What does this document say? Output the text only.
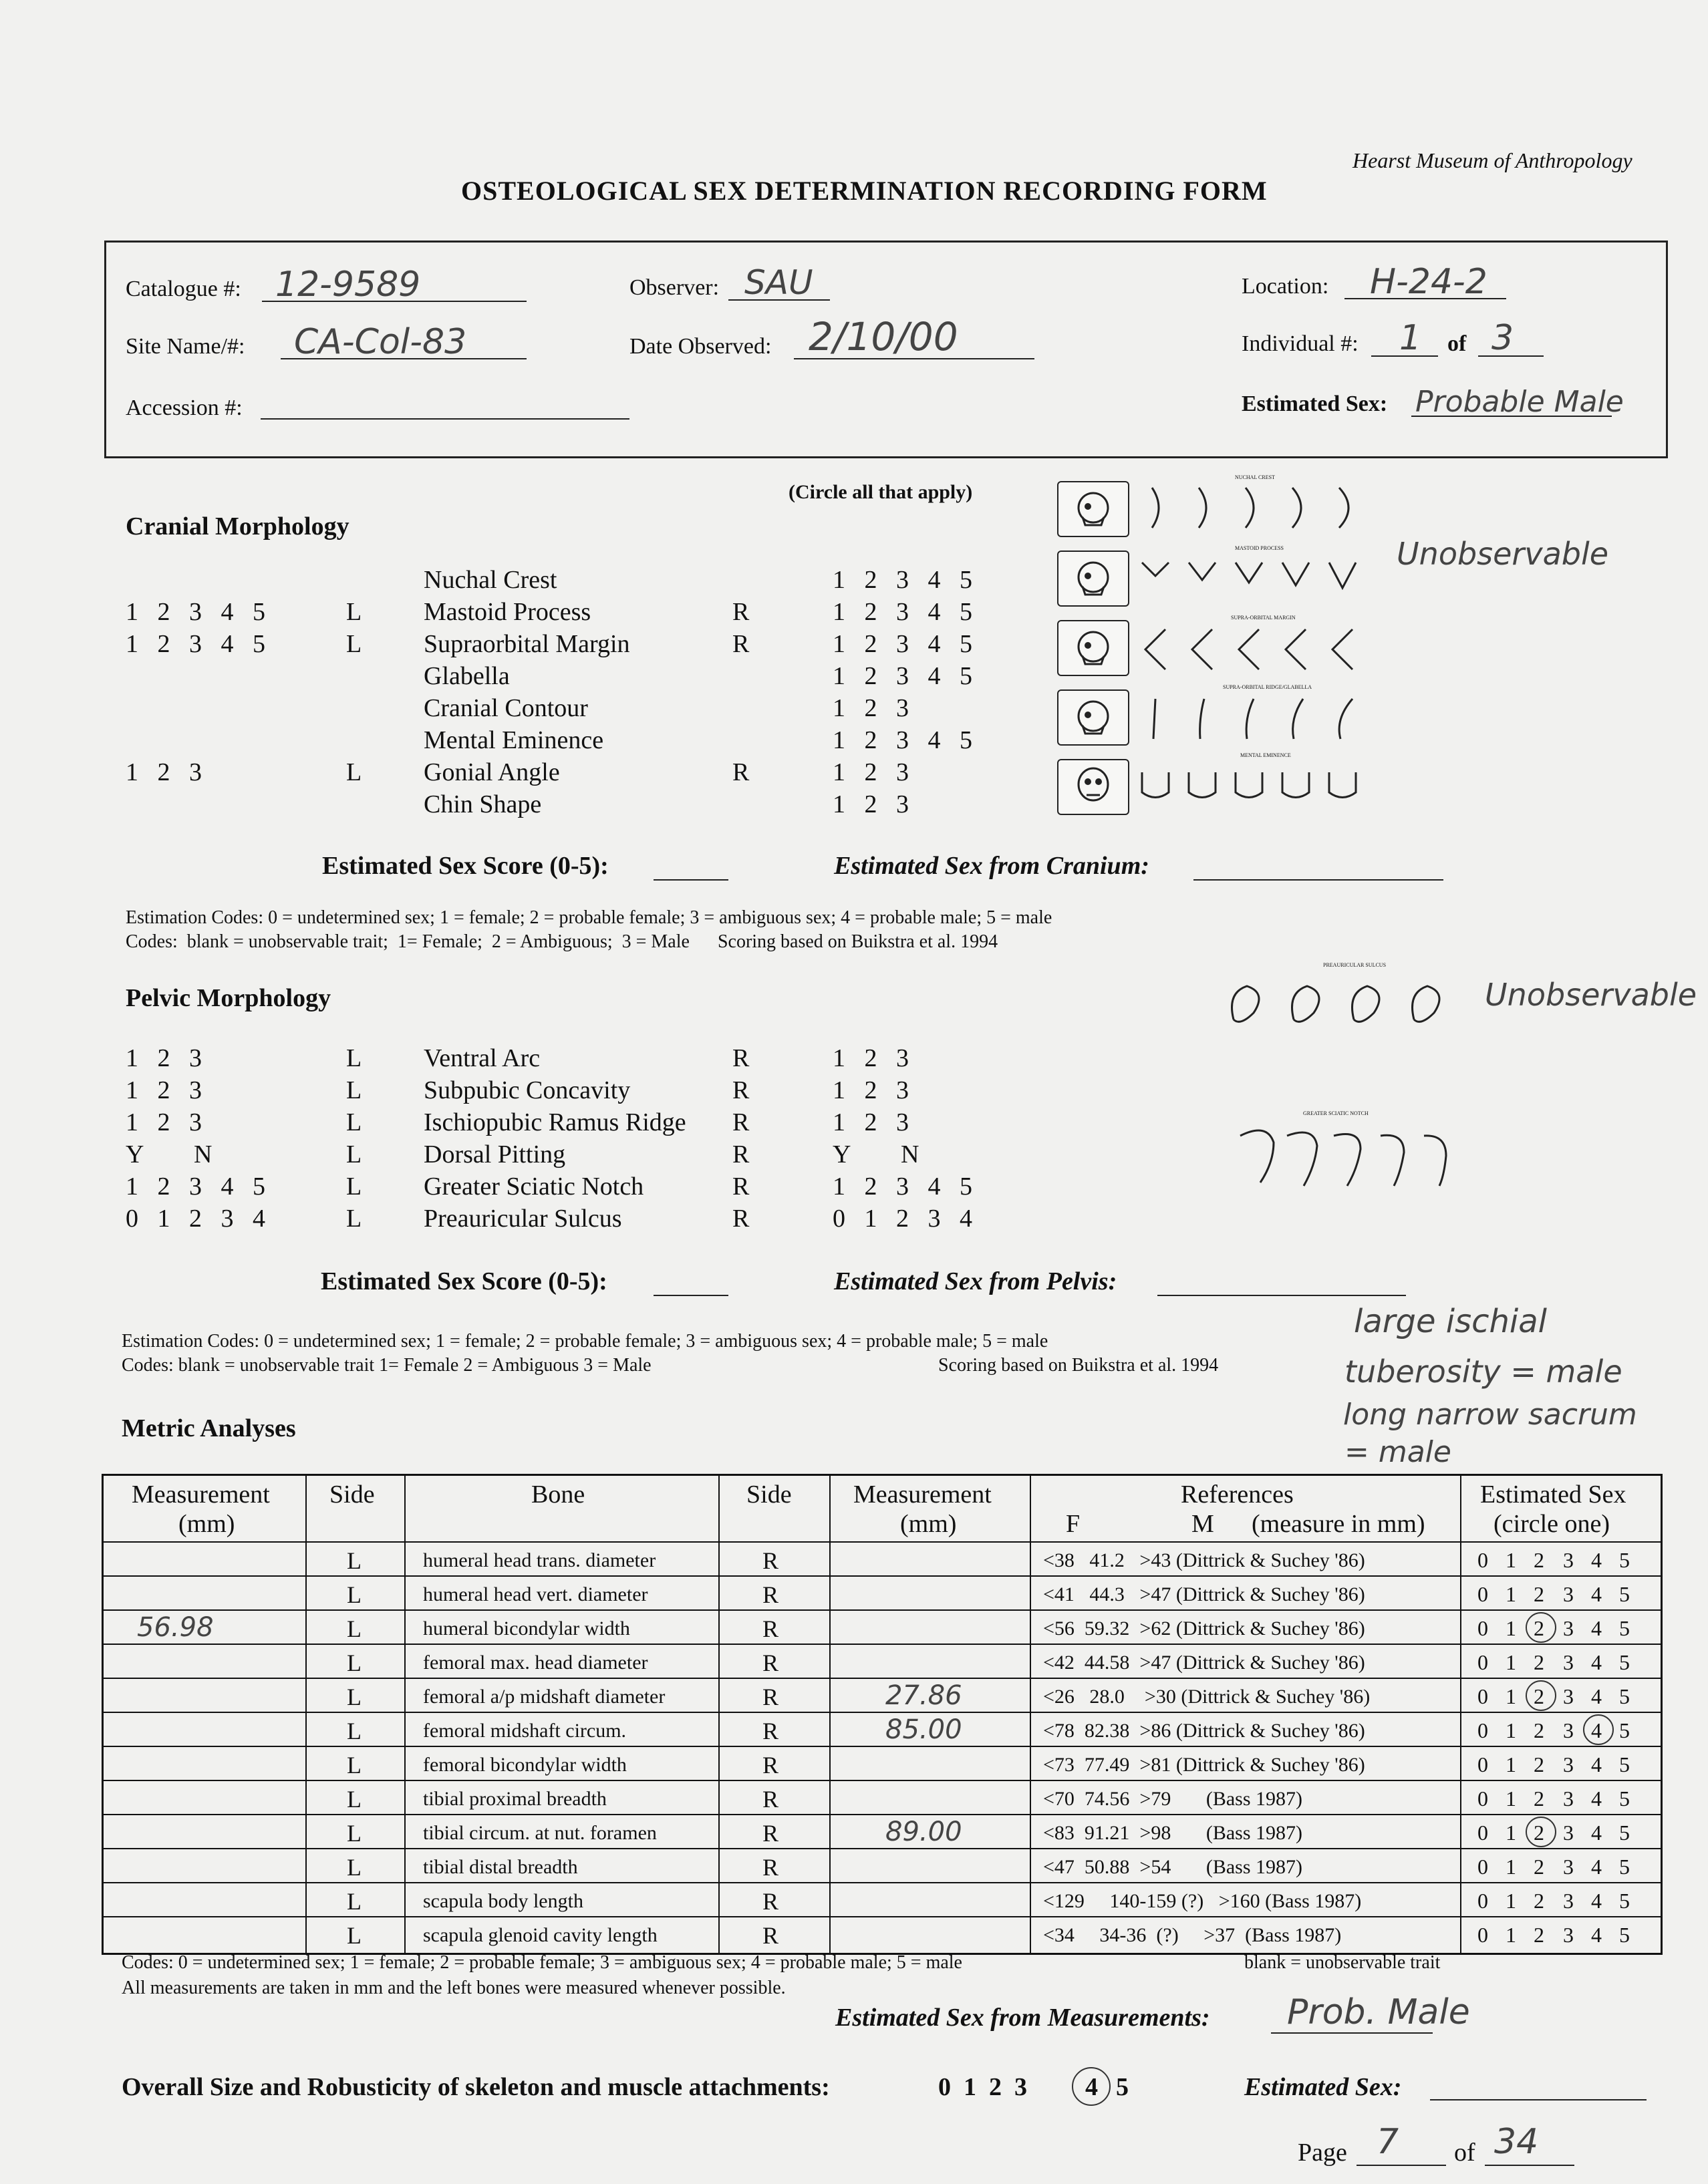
Hearst Museum of Anthropology
OSTEOLOGICAL SEX DETERMINATION RECORDING FORM
Catalogue #: 12-9589	Observer: SAU	Location: H-24-2
Site Name/#: CA-Col-83	Date Observed: 2/10/00	Individual #: 1 of 3
Accession #:	Estimated Sex: Probable Male
(Circle all that apply)
Cranial Morphology
Unobservable
Nuchal Crest	1   2   3   4   5
1   2   3   4   5	L Mastoid Process	R	1   2   3   4   5
1   2   3   4   5	L Supraorbital Margin	R	1   2   3   4   5
Glabella	1   2   3   4   5
Cranial Contour	1   2   3
Mental Eminence	1   2   3   4   5
1   2   3	L Gonial Angle	R	1   2   3
Chin Shape	1   2   3
NUCHAL CREST
MASTOID PROCESS
SUPRA-ORBITAL MARGIN
SUPRA-ORBITAL RIDGE/GLABELLA
MENTAL EMINENCE
Estimated Sex Score (0-5):	Estimated Sex from Cranium:
Estimation Codes: 0 = undetermined sex; 1 = female; 2 = probable female; 3 = ambiguous sex; 4 = probable male; 5 = male
Codes:  blank = unobservable trait;  1= Female;  2 = Ambiguous;  3 = Male      Scoring based on Buikstra et al. 1994
Pelvic Morphology
PREAURICULAR SULCUS
Unobservable
1   2   3	L Ventral Arc	R	1   2   3
1   2   3	L Subpubic Concavity	R	1   2   3
1   2   3	L Ischiopubic Ramus Ridge R	1   2   3
Y        N	L Dorsal Pitting	R	Y        N
1   2   3   4   5	L Greater Sciatic Notch	R	1   2   3   4   5
0   1   2   3   4	L Preauricular Sulcus	R	0   1   2   3   4
GREATER SCIATIC NOTCH
Estimated Sex Score (0-5):	Estimated Sex from Pelvis:
Estimation Codes: 0 = undetermined sex; 1 = female; 2 = probable female; 3 = ambiguous sex; 4 = probable male; 5 = male
Codes: blank = unobservable trait 1= Female 2 = Ambiguous 3 = Male	Scoring based on Buikstra et al. 1994
large ischial
tuberosity = male
long narrow sacrum
= male
Metric Analyses
Measurement
(mm)
Side	Bone	Side Measurement
(mm)
References
F	M (measure in mm)
Estimated Sex
(circle one)
L	humeral head trans. diameter	R	<38   41.2   >43 (Dittrick & Suchey '86)	0 1 2 3 4 5
L	humeral head vert. diameter	R	<41   44.3   >47 (Dittrick & Suchey '86)	0 1 2 3 4 5
56.98	L	humeral bicondylar width	R	<56  59.32  >62 (Dittrick & Suchey '86)	0 1 2 3 4 5
L	femoral max. head diameter	R	<42  44.58  >47 (Dittrick & Suchey '86)	0 1 2 3 4 5
L	femoral a/p midshaft diameter	R	27.86	<26   28.0    >30 (Dittrick & Suchey '86)	0 1 2 3 4 5
L	femoral midshaft circum.	R	85.00	<78  82.38  >86 (Dittrick & Suchey '86)	0 1 2 3 4 5
L	femoral bicondylar width	R	<73  77.49  >81 (Dittrick & Suchey '86)	0 1 2 3 4 5
L	tibial proximal breadth	R	<70  74.56  >79       (Bass 1987)	0 1 2 3 4 5
L	tibial circum. at nut. foramen	R	89.00	<83  91.21  >98       (Bass 1987)	0 1 2 3 4 5
L	tibial distal breadth	R	<47  50.88  >54       (Bass 1987)	0 1 2 3 4 5
L	scapula body length	R	<129     140-159 (?)   >160 (Bass 1987)	0 1 2 3 4 5
L	scapula glenoid cavity length	R	<34     34-36  (?)     >37  (Bass 1987)	0 1 2 3 4 5
Codes: 0 = undetermined sex; 1 = female; 2 = probable female; 3 = ambiguous sex; 4 = probable male; 5 = male	blank = unobservable trait
All measurements are taken in mm and the left bones were measured whenever possible.
Estimated Sex from Measurements: Prob. Male
Overall Size and Robusticity of skeleton and muscle attachments:	0  1  2  3 4 5	Estimated Sex:
Page 7 of 34
